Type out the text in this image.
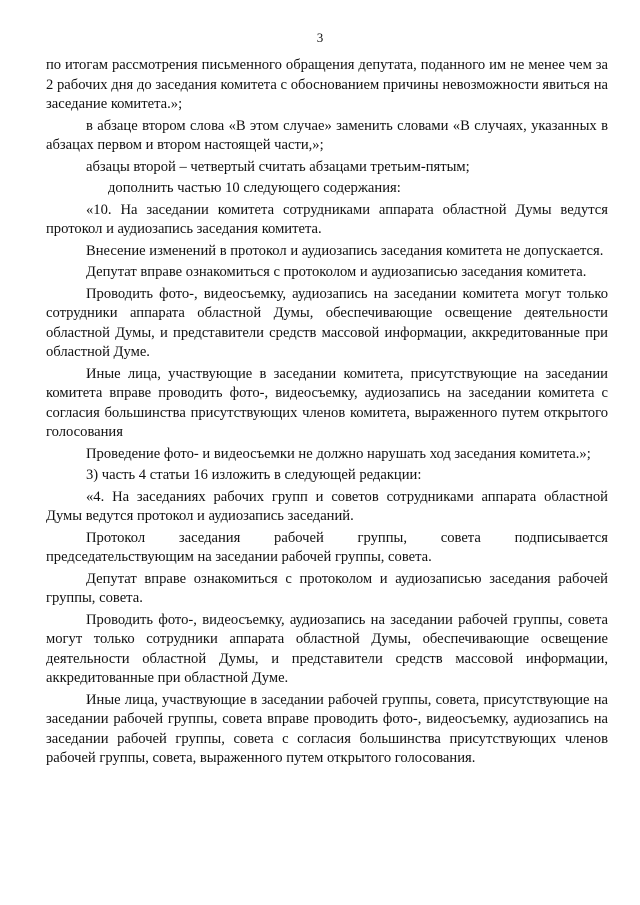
3

по итогам рассмотрения письменного обращения депутата, поданного им не менее чем за 2 рабочих дня до заседания комитета с обоснованием причины невозможности явиться на заседание комитета.»;

в абзаце втором слова «В этом случае» заменить словами «В случаях, указанных в абзацах первом и втором настоящей части,»;

абзацы второй – четвертый считать абзацами третьим-пятым;

дополнить частью 10 следующего содержания:

«10. На заседании комитета сотрудниками аппарата областной Думы ведутся протокол и аудиозапись заседания комитета.

Внесение изменений в протокол и аудиозапись заседания комитета не допускается.

Депутат вправе ознакомиться с протоколом и аудиозаписью заседания комитета.

Проводить фото-, видеосъемку, аудиозапись на заседании комитета могут только сотрудники аппарата областной Думы, обеспечивающие освещение деятельности областной Думы, и представители средств массовой информации, аккредитованные при областной Думе.

Иные лица, участвующие в заседании комитета, присутствующие на заседании комитета вправе проводить фото-, видеосъемку, аудиозапись на заседании комитета с согласия большинства присутствующих членов комитета, выраженного путем открытого голосования

Проведение фото- и видеосъемки не должно нарушать ход заседания комитета.»;

3) часть 4 статьи 16 изложить в следующей редакции:

«4. На заседаниях рабочих групп и советов сотрудниками аппарата областной Думы ведутся протокол и аудиозапись заседаний.

Протокол заседания рабочей группы, совета подписывается председательствующим на заседании рабочей группы, совета.

Депутат вправе ознакомиться с протоколом и аудиозаписью заседания рабочей группы, совета.

Проводить фото-, видеосъемку, аудиозапись на заседании рабочей группы, совета могут только сотрудники аппарата областной Думы, обеспечивающие освещение деятельности областной Думы, и представители средств массовой информации, аккредитованные при областной Думе.

Иные лица, участвующие в заседании рабочей группы, совета, присутствующие на заседании рабочей группы, совета вправе проводить фото-, видеосъемку, аудиозапись на заседании рабочей группы, совета с согласия большинства присутствующих членов рабочей группы, совета, выраженного путем открытого голосования.
